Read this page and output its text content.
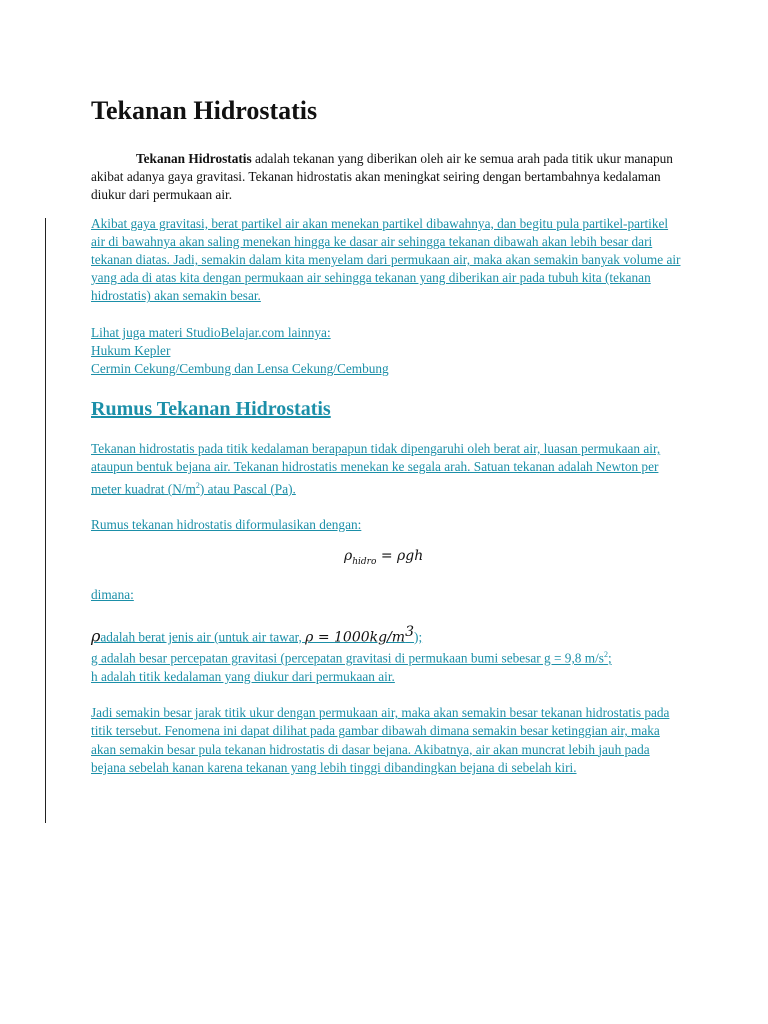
Tekanan Hidrostatis

Tekanan Hidrostatis adalah tekanan yang diberikan oleh air ke semua arah pada titik ukur manapun akibat adanya gaya gravitasi. Tekanan hidrostatis akan meningkat seiring dengan bertambahnya kedalaman diukur dari permukaan air.

Akibat gaya gravitasi, berat partikel air akan menekan partikel dibawahnya, dan begitu pula partikel-partikel air di bawahnya akan saling menekan hingga ke dasar air sehingga tekanan dibawah akan lebih besar dari tekanan diatas. Jadi, semakin dalam kita menyelam dari permukaan air, maka akan semakin banyak volume air yang ada di atas kita dengan permukaan air sehingga tekanan yang diberikan air pada tubuh kita (tekanan hidrostatis) akan semakin besar.

Lihat juga materi StudioBelajar.com lainnya:
Hukum Kepler
Cermin Cekung/Cembung dan Lensa Cekung/Cembung
Rumus Tekanan Hidrostatis

Tekanan hidrostatis pada titik kedalaman berapapun tidak dipengaruhi oleh berat air, luasan permukaan air, ataupun bentuk bejana air. Tekanan hidrostatis menekan ke segala arah. Satuan tekanan adalah Newton per meter kuadrat $(N/m^2)$ atau Pascal (Pa).

Rumus tekanan hidrostatis diformulasikan dengan:

$\rho_{hidro} = \rho gh$

dimana:

ρadalah berat jenis air (untuk air tawar, $\rho = 1000kg/m^3$);
g adalah besar percepatan gravitasi (percepatan gravitasi di permukaan bumi sebesar g = 9,8 $m/s^2$;
h adalah titik kedalaman yang diukur dari permukaan air.

Jadi semakin besar jarak titik ukur dengan permukaan air, maka akan semakin besar tekanan hidrostatis pada titik tersebut. Fenomena ini dapat dilihat pada gambar dibawah dimana semakin besar ketinggian air, maka akan semakin besar pula tekanan hidrostatis di dasar bejana. Akibatnya, air akan muncrat lebih jauh pada bejana sebelah kanan karena tekanan yang lebih tinggi dibandingkan bejana di sebelah kiri.
